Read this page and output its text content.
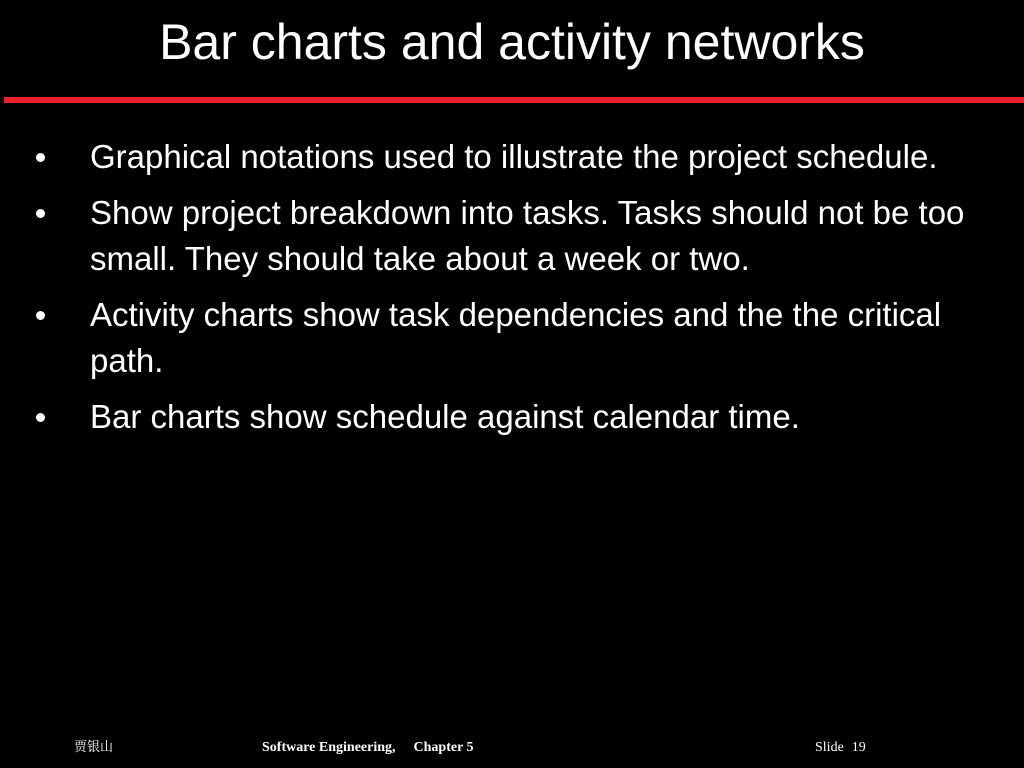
Bar charts and activity networks
Graphical notations used to illustrate the project schedule.
Show project breakdown into tasks. Tasks should not be too small. They should take about a week or two.
Activity charts show task dependencies and the the critical path.
Bar charts show schedule against calendar time.
贾银山	Software Engineering, Chapter 5	Slide 19
